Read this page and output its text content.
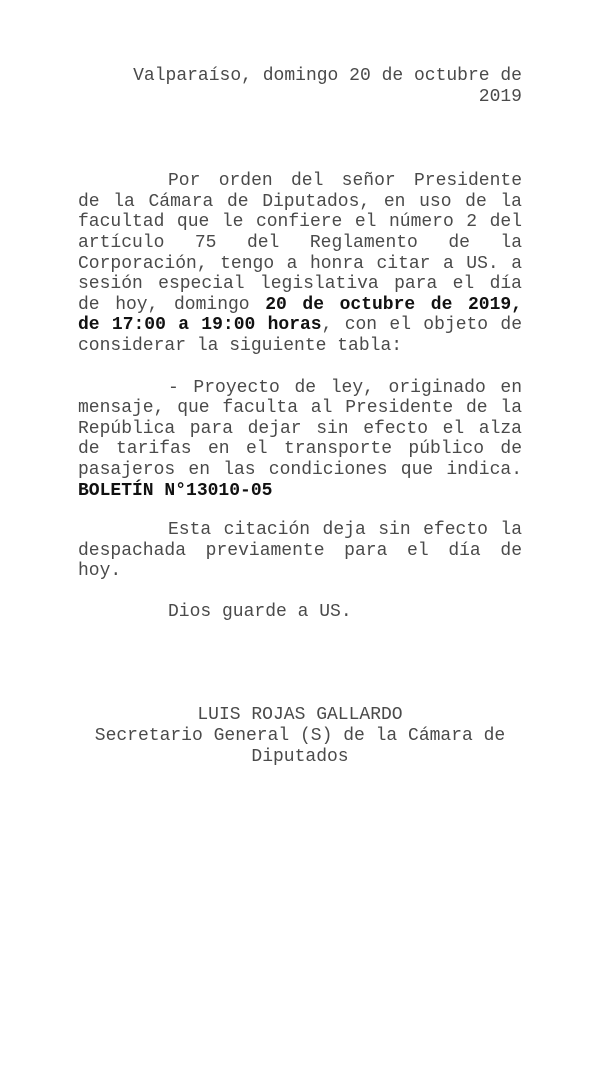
Valparaíso, domingo 20 de octubre de
2019
Por orden del señor Presidente
de la Cámara de Diputados, en uso de la
facultad que le confiere el número 2 del
artículo 75 del Reglamento de la
Corporación, tengo a honra citar a US. a
sesión especial legislativa para el día
de hoy, domingo 20 de octubre de 2019,
de 17:00 a 19:00 horas, con el objeto de
considerar la siguiente tabla:
- Proyecto de ley, originado en
mensaje, que faculta al Presidente de la
República para dejar sin efecto el alza
de tarifas en el transporte público de
pasajeros en las condiciones que indica.
BOLETÍN N°13010-05
Esta citación deja sin efecto la
despachada previamente para el día de
hoy.
Dios guarde a US.
LUIS ROJAS GALLARDO
Secretario General (S) de la Cámara de
Diputados
